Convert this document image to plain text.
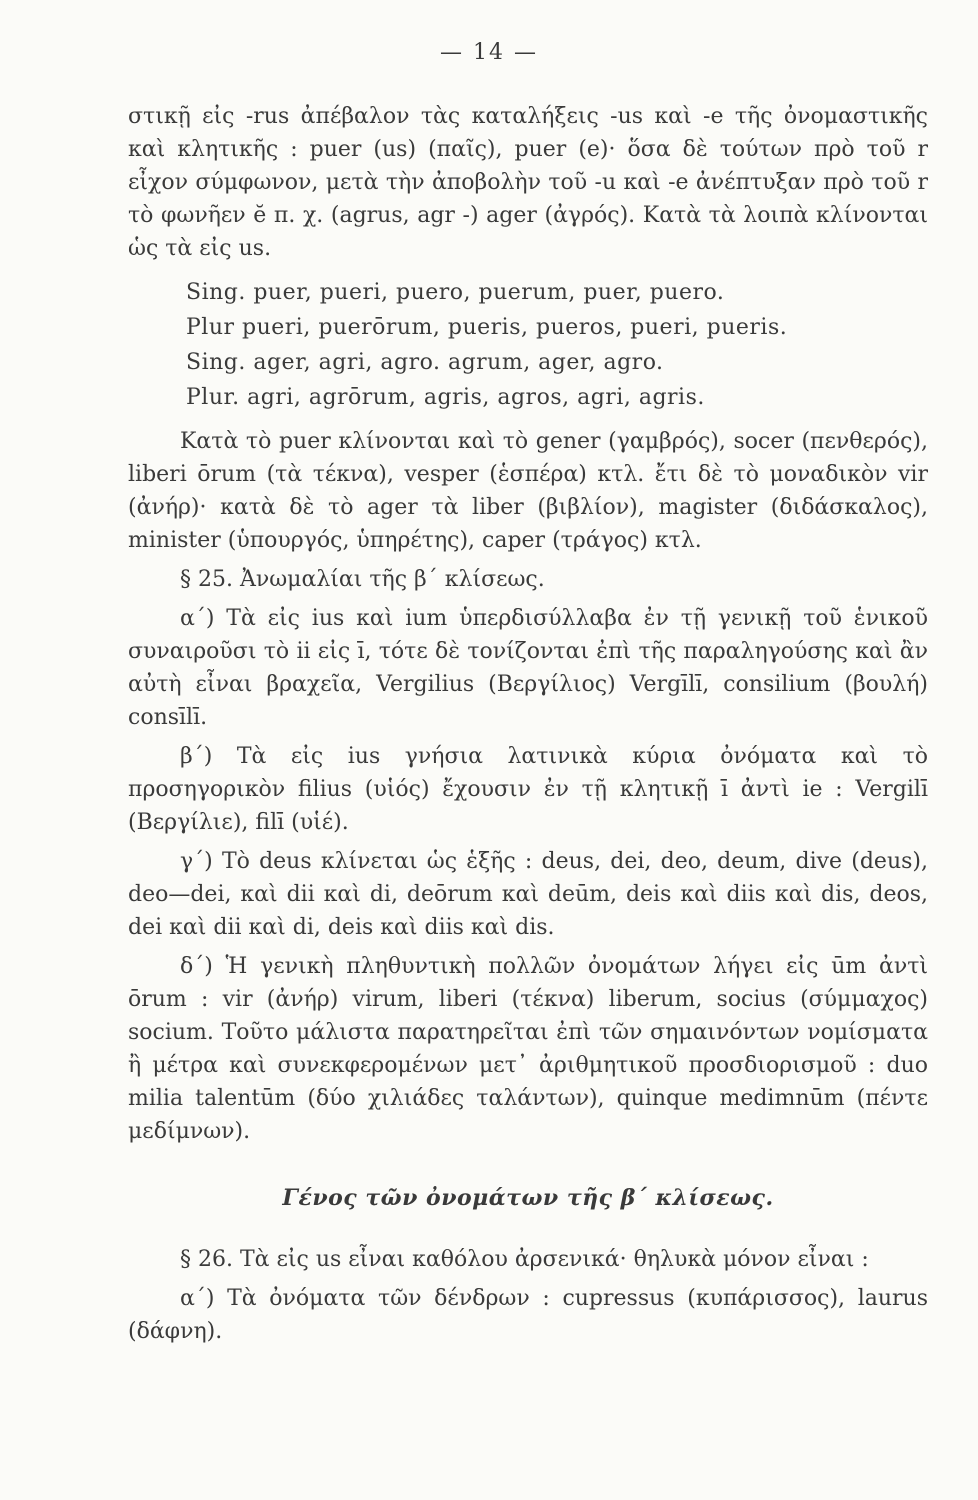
— 14 —

στικῇ εἰς -rus ἀπέβαλον τὰς καταλήξεις -us καὶ -e τῆς ὀνομαστικῆς καὶ κλητικῆς : puer (us) (παῖς), puer (e)· ὅσα δὲ τούτων πρὸ τοῦ r εἶχον σύμφωνον, μετὰ τὴν ἀποβολὴν τοῦ -u καὶ -e ἀνέπτυξαν πρὸ τοῦ r τὸ φωνῆεν ĕ π. χ. (agrus, agr -) ager (ἀγρός). Κατὰ τὰ λοιπὰ κλίνονται ὡς τὰ εἰς us.

Sing. puer, pueri, puero, puerum, puer, puero.
Plur pueri, puerōrum, pueris, pueros, pueri, pueris.
Sing. ager, agri, agro. agrum, ager, agro.
Plur. agri, agrōrum, agris, agros, agri, agris.

Κατὰ τὸ puer κλίνονται καὶ τὸ gener (γαμβρός), socer (πενθερός), liberi ōrum (τὰ τέκνα), vesper (ἑσπέρα) κτλ. ἔτι δὲ τὸ μοναδικὸν vir (ἀνήρ)· κατὰ δὲ τὸ ager τὰ liber (βιβλίον), magister (διδάσκαλος), minister (ὑπουργός, ὑπηρέτης), caper (τράγος) κτλ.

§ 25. Ἀνωμαλίαι τῆς β΄ κλίσεως.

α΄) Τὰ εἰς ius καὶ ium ὑπερδισύλλαβα ἐν τῇ γενικῇ τοῦ ἑνικοῦ συναιροῦσι τὸ ii εἰς ī, τότε δὲ τονίζονται ἐπὶ τῆς παραληγούσης καὶ ἂν αὐτὴ εἶναι βραχεῖα, Vergilius (Βεργίλιος) Vergīlī, consilium (βουλή) consīlī.

β΄) Τὰ εἰς ius γνήσια λατινικὰ κύρια ὀνόματα καὶ τὸ προσηγορικὸν filius (υἱός) ἔχουσιν ἐν τῇ κλητικῇ ī ἀντὶ ie : Vergilī (Βεργίλιε), filī (υἱέ).

γ΄) Τὸ deus κλίνεται ὡς ἑξῆς : deus, dei, deo, deum, dive (deus), deo—dei, καὶ dii καὶ di, deōrum καὶ deūm, deis καὶ diis καὶ dis, deos, dei καὶ dii καὶ di, deis καὶ diis καὶ dis.

δ΄) Ἡ γενικὴ πληθυντικὴ πολλῶν ὀνομάτων λήγει εἰς ūm ἀντὶ ōrum : vir (ἀνήρ) virum, liberi (τέκνα) liberum, socius (σύμμαχος) socium. Τοῦτο μάλιστα παρατηρεῖται ἐπὶ τῶν σημαινόντων νομίσματα ἢ μέτρα καὶ συνεκφερομένων μετ᾽ ἀριθμητικοῦ προσδιορισμοῦ : duo milia talentūm (δύο χιλιάδες ταλάντων), quinque medimnūm (πέντε μεδίμνων).

Γένος τῶν ὀνομάτων τῆς β΄ κλίσεως.

§ 26. Τὰ εἰς us εἶναι καθόλου ἀρσενικά· θηλυκὰ μόνον εἶναι :

α΄) Τὰ ὀνόματα τῶν δένδρων : cupressus (κυπάρισσος), laurus (δάφνη).
